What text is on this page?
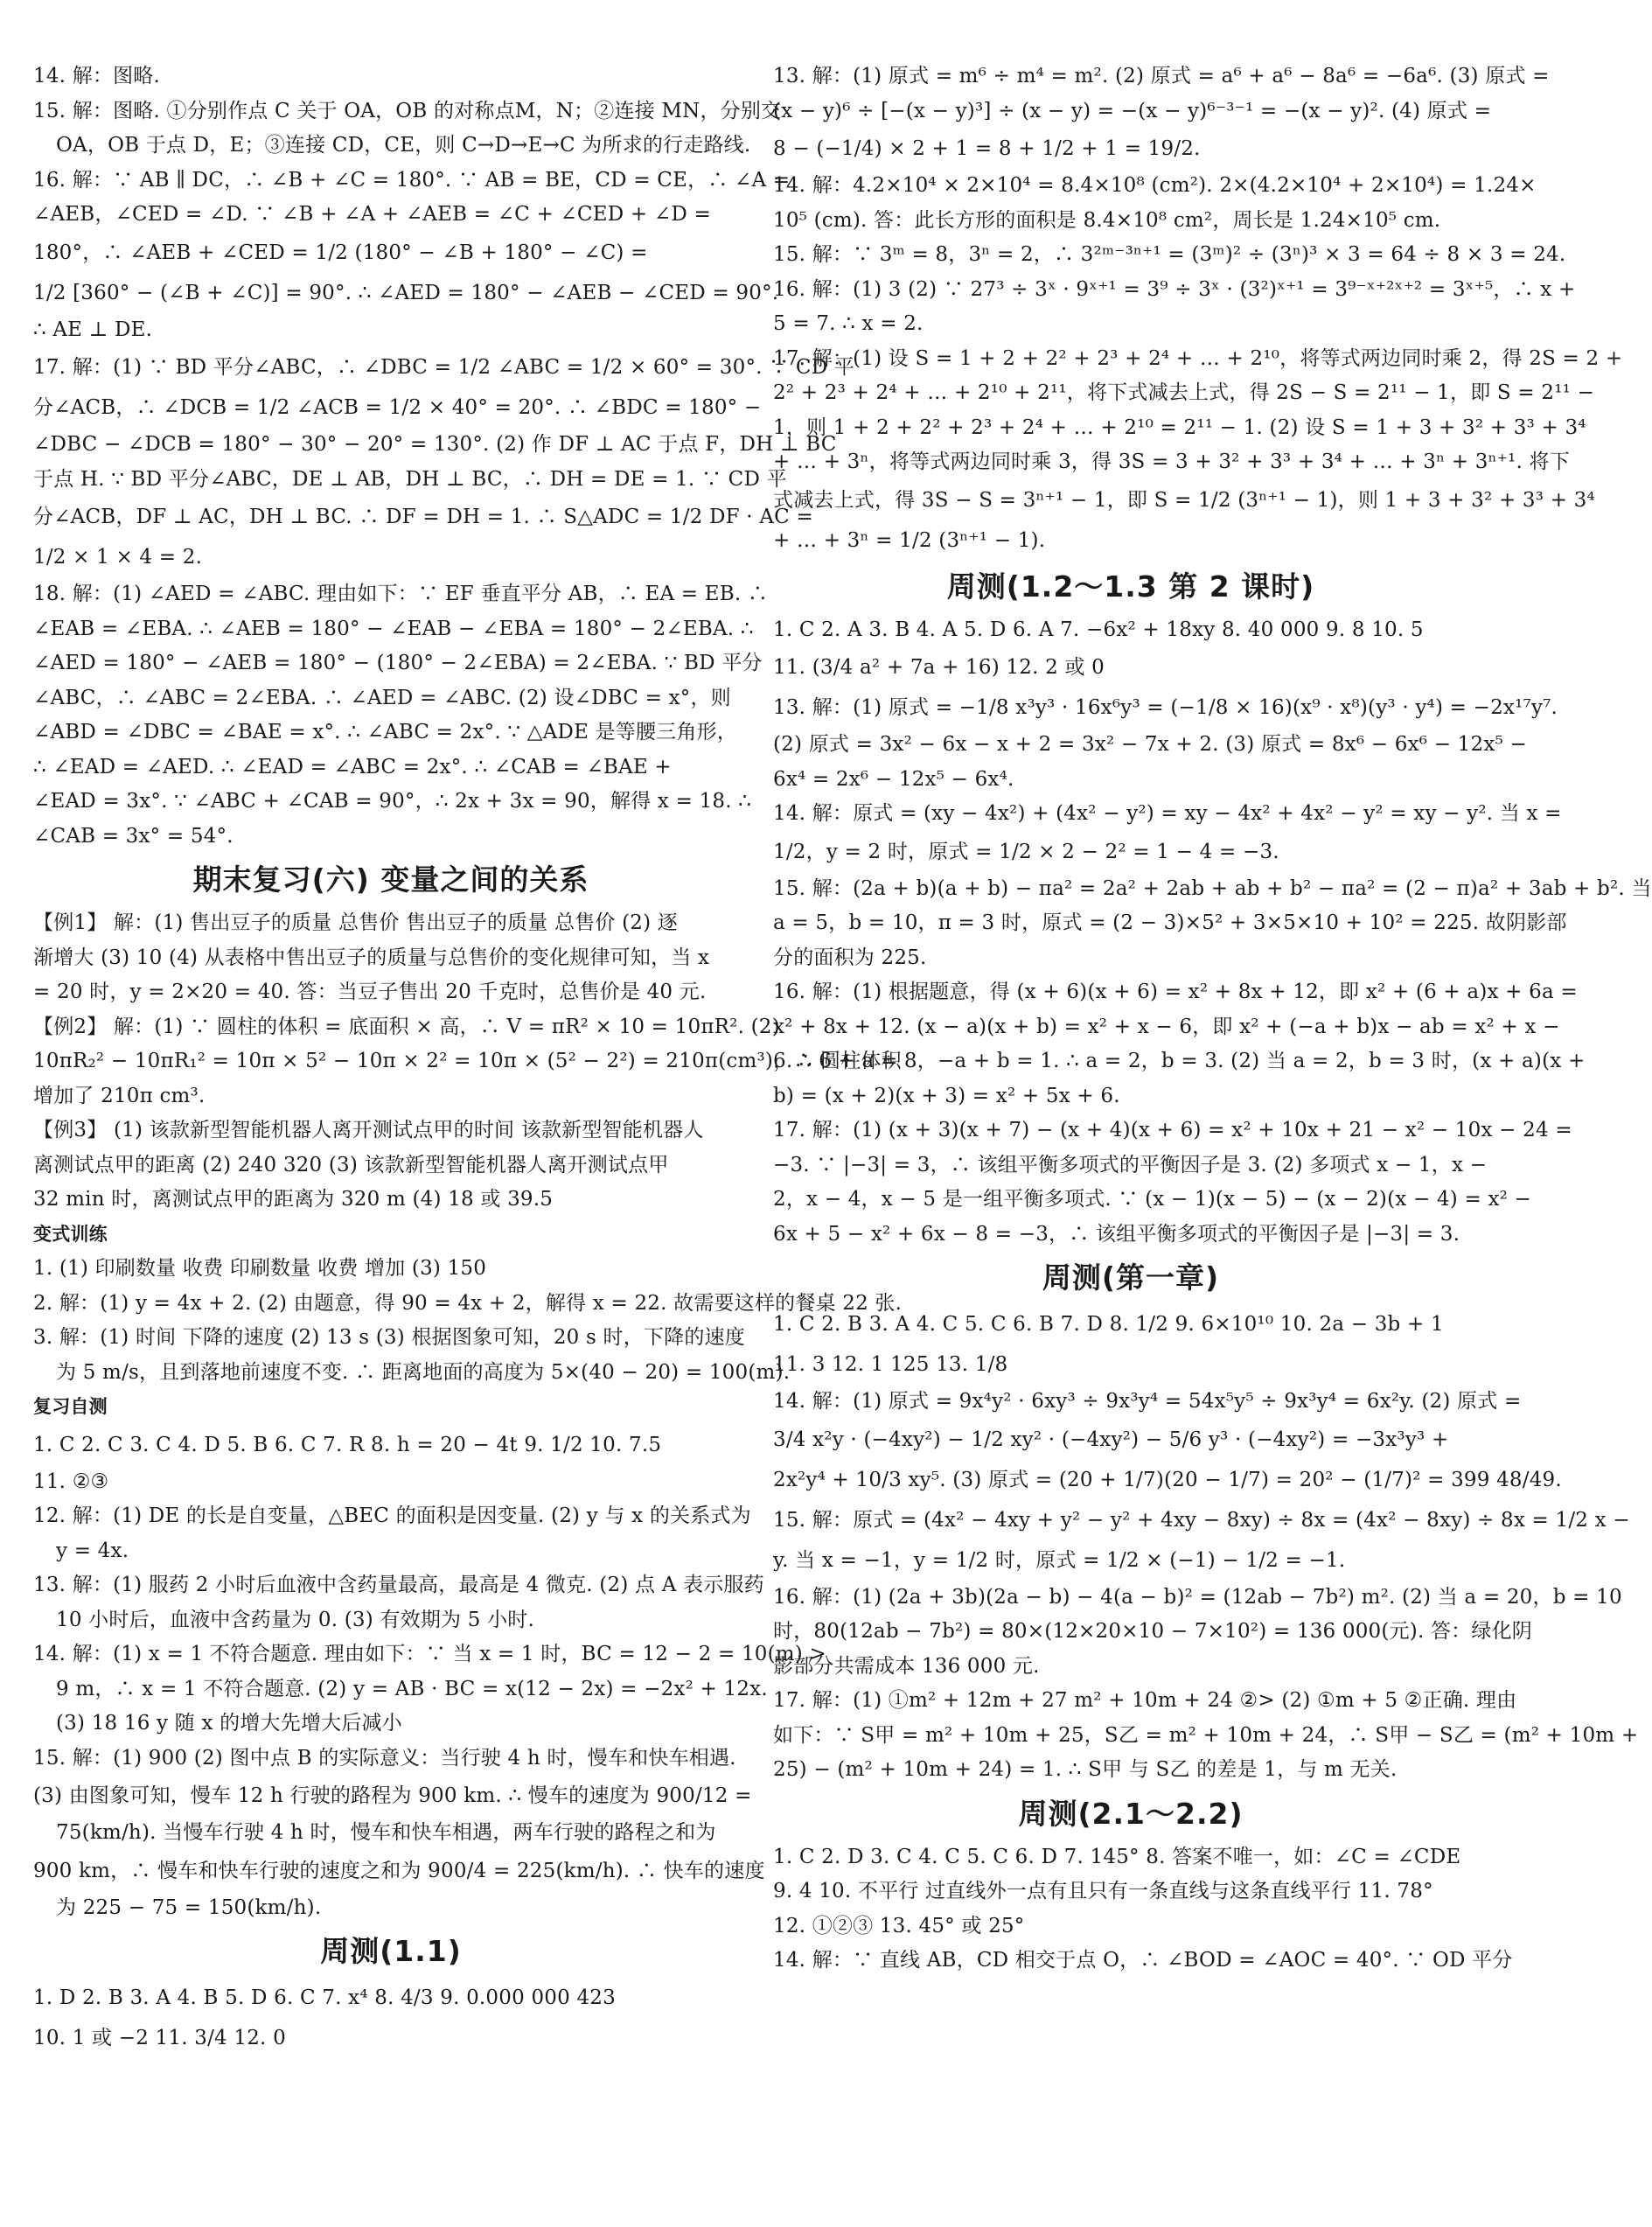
14. 解：图略.
15. 解：图略. ①分别作点 C 关于 OA，OB 的对称点M，N；②连接 MN，分别交
OA，OB 于点 D，E；③连接 CD，CE，则 C→D→E→C 为所求的行走路线.
16. 解：∵ AB ∥ DC，∴ ∠B + ∠C = 180°. ∵ AB = BE，CD = CE，∴ ∠A =
∠AEB，∠CED = ∠D. ∵ ∠B + ∠A + ∠AEB = ∠C + ∠CED + ∠D =
180°，∴ ∠AEB + ∠CED = 1/2 (180° − ∠B + 180° − ∠C) =
1/2 [360° − (∠B + ∠C)] = 90°. ∴ ∠AED = 180° − ∠AEB − ∠CED = 90°.
∴ AE ⊥ DE.
17. 解：(1) ∵ BD 平分∠ABC，∴ ∠DBC = 1/2 ∠ABC = 1/2 × 60° = 30°. ∵ CD 平
分∠ACB，∴ ∠DCB = 1/2 ∠ACB = 1/2 × 40° = 20°. ∴ ∠BDC = 180° −
∠DBC − ∠DCB = 180° − 30° − 20° = 130°. (2) 作 DF ⊥ AC 于点 F，DH ⊥ BC
于点 H. ∵ BD 平分∠ABC，DE ⊥ AB，DH ⊥ BC，∴ DH = DE = 1. ∵ CD 平
分∠ACB，DF ⊥ AC，DH ⊥ BC. ∴ DF = DH = 1. ∴ S△ADC = 1/2 DF · AC =
1/2 × 1 × 4 = 2.
18. 解：(1) ∠AED = ∠ABC. 理由如下：∵ EF 垂直平分 AB，∴ EA = EB. ∴
∠EAB = ∠EBA. ∴ ∠AEB = 180° − ∠EAB − ∠EBA = 180° − 2∠EBA. ∴
∠AED = 180° − ∠AEB = 180° − (180° − 2∠EBA) = 2∠EBA. ∵ BD 平分
∠ABC，∴ ∠ABC = 2∠EBA. ∴ ∠AED = ∠ABC. (2) 设∠DBC = x°，则
∠ABD = ∠DBC = ∠BAE = x°. ∴ ∠ABC = 2x°. ∵ △ADE 是等腰三角形，
∴ ∠EAD = ∠AED. ∴ ∠EAD = ∠ABC = 2x°. ∴ ∠CAB = ∠BAE +
∠EAD = 3x°. ∵ ∠ABC + ∠CAB = 90°，∴ 2x + 3x = 90，解得 x = 18. ∴
∠CAB = 3x° = 54°.
期末复习(六) 变量之间的关系
【例1】 解：(1) 售出豆子的质量 总售价 售出豆子的质量 总售价 (2) 逐
渐增大 (3) 10 (4) 从表格中售出豆子的质量与总售价的变化规律可知，当 x
= 20 时，y = 2×20 = 40. 答：当豆子售出 20 千克时，总售价是 40 元.
【例2】 解：(1) ∵ 圆柱的体积 = 底面积 × 高，∴ V = πR² × 10 = 10πR². (2)
10πR₂² − 10πR₁² = 10π × 5² − 10π × 2² = 10π × (5² − 2²) = 210π(cm³)，∴ 圆柱体积
增加了 210π cm³.
【例3】 (1) 该款新型智能机器人离开测试点甲的时间 该款新型智能机器人
离测试点甲的距离 (2) 240 320 (3) 该款新型智能机器人离开测试点甲
32 min 时，离测试点甲的距离为 320 m (4) 18 或 39.5
变式训练
1. (1) 印刷数量 收费 印刷数量 收费 增加 (3) 150
2. 解：(1) y = 4x + 2. (2) 由题意，得 90 = 4x + 2，解得 x = 22. 故需要这样的餐桌 22 张.
3. 解：(1) 时间 下降的速度 (2) 13 s (3) 根据图象可知，20 s 时，下降的速度
为 5 m/s，且到落地前速度不变. ∴ 距离地面的高度为 5×(40 − 20) = 100(m).
复习自测
1. C 2. C 3. C 4. D 5. B 6. C 7. R 8. h = 20 − 4t 9. 1/2 10. 7.5
11. ②③
12. 解：(1) DE 的长是自变量，△BEC 的面积是因变量. (2) y 与 x 的关系式为
y = 4x.
13. 解：(1) 服药 2 小时后血液中含药量最高，最高是 4 微克. (2) 点 A 表示服药
10 小时后，血液中含药量为 0. (3) 有效期为 5 小时.
14. 解：(1) x = 1 不符合题意. 理由如下：∵ 当 x = 1 时，BC = 12 − 2 = 10(m) >
9 m，∴ x = 1 不符合题意. (2) y = AB · BC = x(12 − 2x) = −2x² + 12x.
(3) 18 16 y 随 x 的增大先增大后减小
15. 解：(1) 900 (2) 图中点 B 的实际意义：当行驶 4 h 时，慢车和快车相遇.
(3) 由图象可知，慢车 12 h 行驶的路程为 900 km. ∴ 慢车的速度为 900/12 =
75(km/h). 当慢车行驶 4 h 时，慢车和快车相遇，两车行驶的路程之和为
900 km，∴ 慢车和快车行驶的速度之和为 900/4 = 225(km/h). ∴ 快车的速度
为 225 − 75 = 150(km/h).
周测(1.1)
1. D 2. B 3. A 4. B 5. D 6. C 7. x⁴ 8. 4/3 9. 0.000 000 423
10. 1 或 −2 11. 3/4 12. 0
13. 解：(1) 原式 = m⁶ ÷ m⁴ = m². (2) 原式 = a⁶ + a⁶ − 8a⁶ = −6a⁶. (3) 原式 =
(x − y)⁶ ÷ [−(x − y)³] ÷ (x − y) = −(x − y)⁶⁻³⁻¹ = −(x − y)². (4) 原式 =
8 − (−1/4) × 2 + 1 = 8 + 1/2 + 1 = 19/2.
14. 解：4.2×10⁴ × 2×10⁴ = 8.4×10⁸ (cm²). 2×(4.2×10⁴ + 2×10⁴) = 1.24×
10⁵ (cm). 答：此长方形的面积是 8.4×10⁸ cm²，周长是 1.24×10⁵ cm.
15. 解：∵ 3ᵐ = 8，3ⁿ = 2，∴ 3²ᵐ⁻³ⁿ⁺¹ = (3ᵐ)² ÷ (3ⁿ)³ × 3 = 64 ÷ 8 × 3 = 24.
16. 解：(1) 3 (2) ∵ 27³ ÷ 3ˣ · 9ˣ⁺¹ = 3⁹ ÷ 3ˣ · (3²)ˣ⁺¹ = 3⁹⁻ˣ⁺²ˣ⁺² = 3ˣ⁺⁵，∴ x +
5 = 7. ∴ x = 2.
17. 解：(1) 设 S = 1 + 2 + 2² + 2³ + 2⁴ + … + 2¹⁰，将等式两边同时乘 2，得 2S = 2 +
2² + 2³ + 2⁴ + … + 2¹⁰ + 2¹¹，将下式减去上式，得 2S − S = 2¹¹ − 1，即 S = 2¹¹ −
1，则 1 + 2 + 2² + 2³ + 2⁴ + … + 2¹⁰ = 2¹¹ − 1. (2) 设 S = 1 + 3 + 3² + 3³ + 3⁴
+ … + 3ⁿ，将等式两边同时乘 3，得 3S = 3 + 3² + 3³ + 3⁴ + … + 3ⁿ + 3ⁿ⁺¹. 将下
式减去上式，得 3S − S = 3ⁿ⁺¹ − 1，即 S = 1/2 (3ⁿ⁺¹ − 1)，则 1 + 3 + 3² + 3³ + 3⁴
+ … + 3ⁿ = 1/2 (3ⁿ⁺¹ − 1).
周测(1.2～1.3 第 2 课时)
1. C 2. A 3. B 4. A 5. D 6. A 7. −6x² + 18xy 8. 40 000 9. 8 10. 5
11. (3/4 a² + 7a + 16) 12. 2 或 0
13. 解：(1) 原式 = −1/8 x³y³ · 16x⁶y³ = (−1/8 × 16)(x⁹ · x⁸)(y³ · y⁴) = −2x¹⁷y⁷.
(2) 原式 = 3x² − 6x − x + 2 = 3x² − 7x + 2. (3) 原式 = 8x⁶ − 6x⁶ − 12x⁵ −
6x⁴ = 2x⁶ − 12x⁵ − 6x⁴.
14. 解：原式 = (xy − 4x²) + (4x² − y²) = xy − 4x² + 4x² − y² = xy − y². 当 x =
1/2，y = 2 时，原式 = 1/2 × 2 − 2² = 1 − 4 = −3.
15. 解：(2a + b)(a + b) − πa² = 2a² + 2ab + ab + b² − πa² = (2 − π)a² + 3ab + b². 当
a = 5，b = 10，π = 3 时，原式 = (2 − 3)×5² + 3×5×10 + 10² = 225. 故阴影部
分的面积为 225.
16. 解：(1) 根据题意，得 (x + 6)(x + 6) = x² + 8x + 12，即 x² + (6 + a)x + 6a =
x² + 8x + 12. (x − a)(x + b) = x² + x − 6，即 x² + (−a + b)x − ab = x² + x −
6. ∴ 6 + a = 8，−a + b = 1. ∴ a = 2，b = 3. (2) 当 a = 2，b = 3 时，(x + a)(x +
b) = (x + 2)(x + 3) = x² + 5x + 6.
17. 解：(1) (x + 3)(x + 7) − (x + 4)(x + 6) = x² + 10x + 21 − x² − 10x − 24 =
−3. ∵ |−3| = 3，∴ 该组平衡多项式的平衡因子是 3. (2) 多项式 x − 1，x −
2，x − 4，x − 5 是一组平衡多项式. ∵ (x − 1)(x − 5) − (x − 2)(x − 4) = x² −
6x + 5 − x² + 6x − 8 = −3，∴ 该组平衡多项式的平衡因子是 |−3| = 3.
周测(第一章)
1. C 2. B 3. A 4. C 5. C 6. B 7. D 8. 1/2 9. 6×10¹⁰ 10. 2a − 3b + 1
11. 3 12. 1 125 13. 1/8
14. 解：(1) 原式 = 9x⁴y² · 6xy³ ÷ 9x³y⁴ = 54x⁵y⁵ ÷ 9x³y⁴ = 6x²y. (2) 原式 =
3/4 x²y · (−4xy²) − 1/2 xy² · (−4xy²) − 5/6 y³ · (−4xy²) = −3x³y³ +
2x²y⁴ + 10/3 xy⁵. (3) 原式 = (20 + 1/7)(20 − 1/7) = 20² − (1/7)² = 399 48/49.
15. 解：原式 = (4x² − 4xy + y² − y² + 4xy − 8xy) ÷ 8x = (4x² − 8xy) ÷ 8x = 1/2 x −
y. 当 x = −1，y = 1/2 时，原式 = 1/2 × (−1) − 1/2 = −1.
16. 解：(1) (2a + 3b)(2a − b) − 4(a − b)² = (12ab − 7b²) m². (2) 当 a = 20，b = 10
时，80(12ab − 7b²) = 80×(12×20×10 − 7×10²) = 136 000(元). 答：绿化阴
影部分共需成本 136 000 元.
17. 解：(1) ①m² + 12m + 27 m² + 10m + 24 ②> (2) ①m + 5 ②正确. 理由
如下：∵ S甲 = m² + 10m + 25，S乙 = m² + 10m + 24，∴ S甲 − S乙 = (m² + 10m +
25) − (m² + 10m + 24) = 1. ∴ S甲 与 S乙 的差是 1，与 m 无关.
周测(2.1～2.2)
1. C 2. D 3. C 4. C 5. C 6. D 7. 145° 8. 答案不唯一，如：∠C = ∠CDE
9. 4 10. 不平行 过直线外一点有且只有一条直线与这条直线平行 11. 78°
12. ①②③ 13. 45° 或 25°
14. 解：∵ 直线 AB，CD 相交于点 O，∴ ∠BOD = ∠AOC = 40°. ∵ OD 平分
